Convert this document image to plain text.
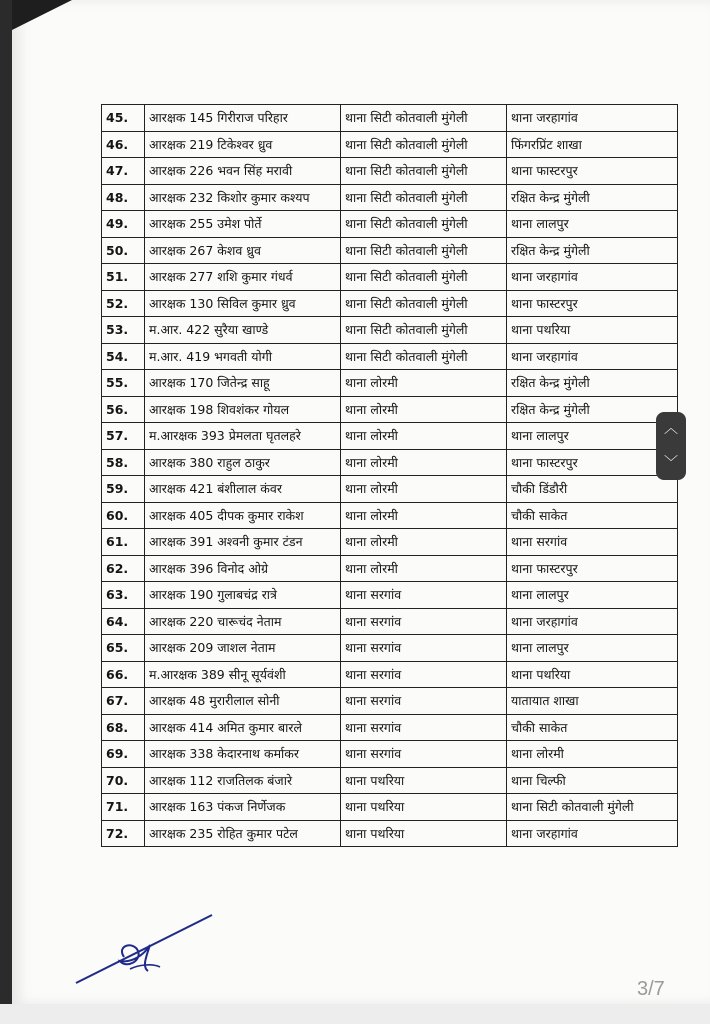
45.	आरक्षक 145 गिरीराज परिहार	थाना सिटी कोतवाली मुंगेली	थाना जरहागांव
46.	आरक्षक 219 टिकेश्वर ध्रुव	थाना सिटी कोतवाली मुंगेली	फिंगरप्रिंट शाखा
47.	आरक्षक 226 भवन सिंह मरावी	थाना सिटी कोतवाली मुंगेली	थाना फास्टरपुर
48.	आरक्षक 232 किशोर कुमार कश्यप	थाना सिटी कोतवाली मुंगेली	रक्षित केन्द्र मुंगेली
49.	आरक्षक 255 उमेश पोर्ते	थाना सिटी कोतवाली मुंगेली	थाना लालपुर
50.	आरक्षक 267 केशव ध्रुव	थाना सिटी कोतवाली मुंगेली	रक्षित केन्द्र मुंगेली
51.	आरक्षक 277 शशि कुमार गंधर्व	थाना सिटी कोतवाली मुंगेली	थाना जरहागांव
52.	आरक्षक 130 सिविल कुमार ध्रुव	थाना सिटी कोतवाली मुंगेली	थाना फास्टरपुर
53.	म.आर. 422 सुरैया खाण्डे	थाना सिटी कोतवाली मुंगेली	थाना पथरिया
54.	म.आर. 419 भगवती योगी	थाना सिटी कोतवाली मुंगेली	थाना जरहागांव
55.	आरक्षक 170 जितेन्द्र साहू	थाना लोरमी	रक्षित केन्द्र मुंगेली
56.	आरक्षक 198 शिवशंकर गोयल	थाना लोरमी	रक्षित केन्द्र मुंगेली
57.	म.आरक्षक 393 प्रेमलता घृतलहरे	थाना लोरमी	थाना लालपुर
58.	आरक्षक 380 राहुल ठाकुर	थाना लोरमी	थाना फास्टरपुर
59.	आरक्षक 421 बंशीलाल कंवर	थाना लोरमी	चौकी डिंडौरी
60.	आरक्षक 405 दीपक कुमार राकेश	थाना लोरमी	चौकी साकेत
61.	आरक्षक 391 अश्वनी कुमार टंडन	थाना लोरमी	थाना सरगांव
62.	आरक्षक 396 विनोद ओग्रे	थाना लोरमी	थाना फास्टरपुर
63.	आरक्षक 190 गुलाबचंद्र रात्रे	थाना सरगांव	थाना लालपुर
64.	आरक्षक 220 चारूचंद नेताम	थाना सरगांव	थाना जरहागांव
65.	आरक्षक 209 जाशल नेताम	थाना सरगांव	थाना लालपुर
66.	म.आरक्षक 389 सीनू सूर्यवंशी	थाना सरगांव	थाना पथरिया
67.	आरक्षक 48 मुरारीलाल सोनी	थाना सरगांव	यातायात शाखा
68.	आरक्षक 414 अमित कुमार बारले	थाना सरगांव	चौकी साकेत
69.	आरक्षक 338 केदारनाथ कर्माकर	थाना सरगांव	थाना लोरमी
70.	आरक्षक 112 राजतिलक बंजारे	थाना पथरिया	थाना चिल्फी
71.	आरक्षक 163 पंकज निर्णेजक	थाना पथरिया	थाना सिटी कोतवाली मुंगेली
72.	आरक्षक 235 रोहित कुमार पटेल	थाना पथरिया	थाना जरहागांव
︿
﹀
3/7
